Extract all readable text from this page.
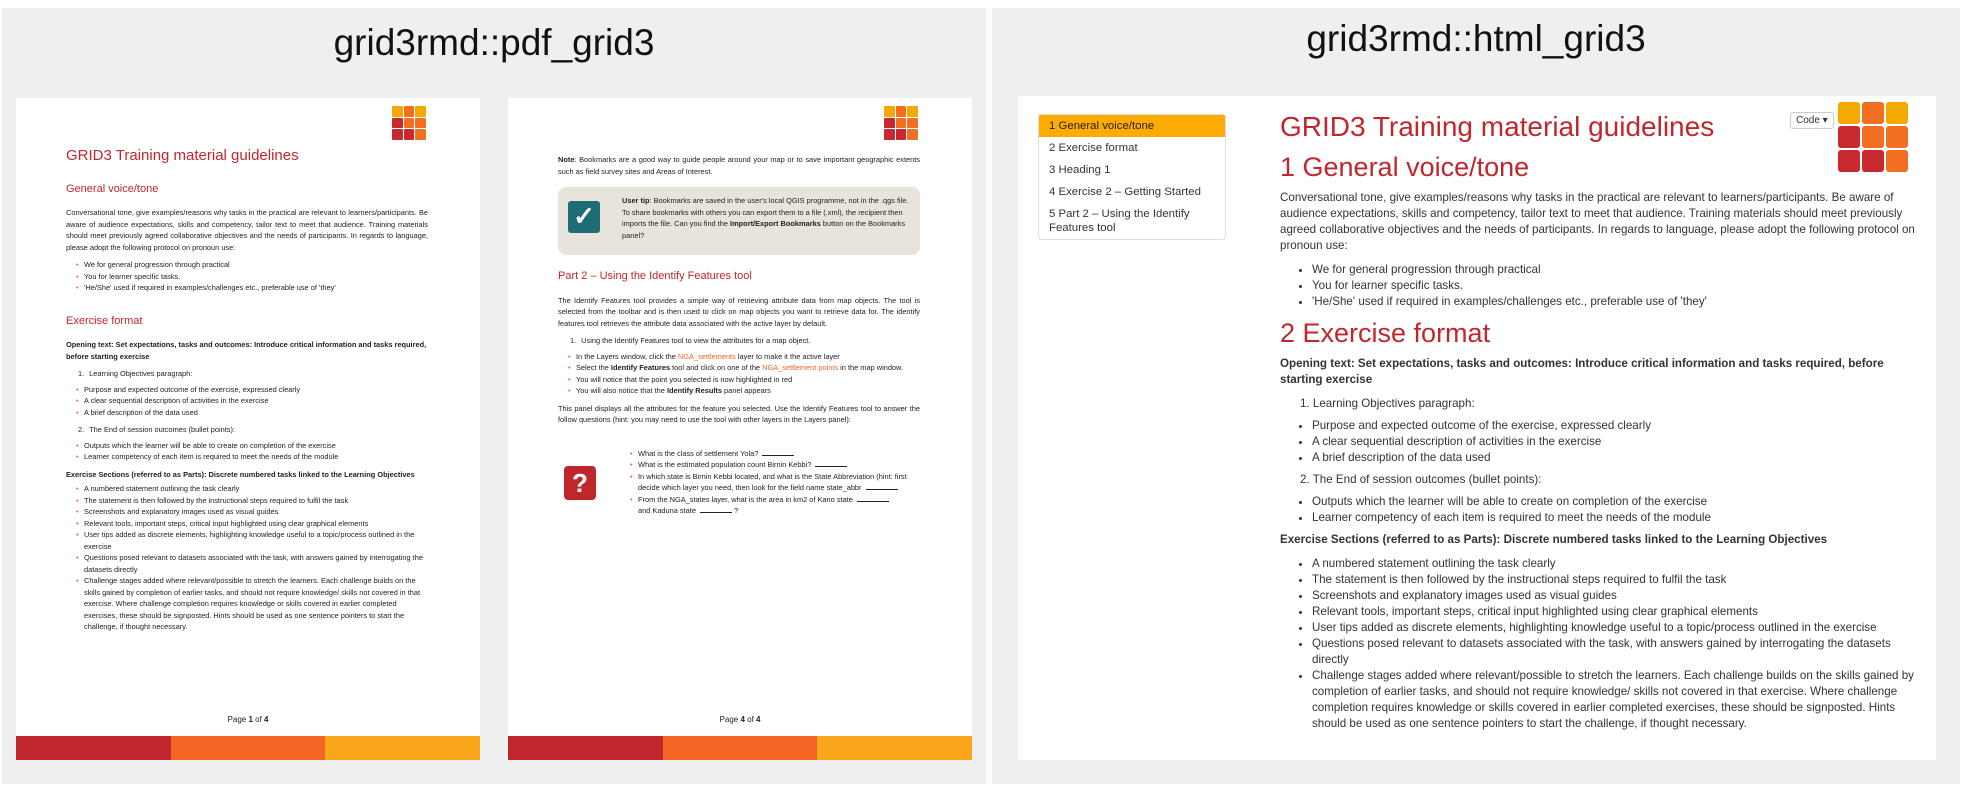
grid3rmd::pdf_grid3
GRID3 Training material guidelines
General voice/tone

Conversational tone, give examples/reasons why tasks in the practical are relevant to learners/participants. Be aware of audience expectations, skills and competency, tailor text to meet that audience. Training materials should meet previously agreed collaborative objectives and the needs of participants. In regards to language, please adopt the following protocol on pronoun use:

• We for general progression through practical
• You for learner specific tasks.
• 'He/She' used if required in examples/challenges etc., preferable use of 'they'
Exercise format

Opening text: Set expectations, tasks and outcomes: Introduce critical information and tasks required, before starting exercise

1. Learning Objectives paragraph:
• Purpose and expected outcome of the exercise, expressed clearly
• A clear sequential description of activities in the exercise
• A brief description of the data used
2. The End of session outcomes (bullet points):
• Outputs which the learner will be able to create on completion of the exercise
• Learner competency of each item is required to meet the needs of the module

Exercise Sections (referred to as Parts): Discrete numbered tasks linked to the Learning Objectives

• A numbered statement outlining the task clearly
• The statement is then followed by the instructional steps required to fulfil the task
• Screenshots and explanatory images used as visual guides
• Relevant tools, important steps, critical input highlighted using clear graphical elements
• User tips added as discrete elements, highlighting knowledge useful to a topic/process outlined in the exercise
• Questions posed relevant to datasets associated with the task, with answers gained by interrogating the datasets directly
• Challenge stages added where relevant/possible to stretch the learners. Each challenge builds on the skills gained by completion of earlier tasks, and should not require knowledge/ skills not covered in that exercise. Where challenge completion requires knowledge or skills covered in earlier completed exercises, these should be signposted. Hints should be used as one sentence pointers to start the challenge, if thought necessary.
Page 1 of 4

Note: Bookmarks are a good way to guide people around your map or to save important geographic extents such as field survey sites and Areas of Interest.

✓
User tip: Bookmarks are saved in the user's local QGIS programme, not in the .qgs file. To share bookmarks with others you can export them to a file (.xml), the recipient then imports the file. Can you find the Import/Export Bookmarks button on the Bookmarks panel?
Part 2 – Using the Identify Features tool

The Identify Features tool provides a simple way of retrieving attribute data from map objects. The tool is selected from the toolbar and is then used to click on map objects you want to retrieve data for. The identify features tool retrieves the attribute data associated with the active layer by default.

1. Using the Identify Features tool to view the attributes for a map object.
• In the Layers window, click the NGA_settlements layer to make it the active layer
• Select the Identify Features tool and click on one of the NGA_settlement points in the map window.
• You will notice that the point you selected is now highlighted in red
• You will also notice that the Identify Results panel appears

This panel displays all the attributes for the feature you selected. Use the Identify Features tool to answer the follow questions (hint: you may need to use the tool with other layers in the Layers panel):

?
• What is the class of settlement Yola?
• What is the estimated population count Birnin Kebbi?
• In which state is Birnin Kebbi located, and what is the State Abbreviation (hint: first decide which layer you need, then look for the field name state_abbr
• From the NGA_states layer, what is the area in km2 of Kano state
and Kaduna state	?
Page 4 of 4
grid3rmd::html_grid3
1 General voice/tone
2 Exercise format
3 Heading 1
4 Exercise 2 – Getting Started
5 Part 2 – Using the Identify Features tool
Code ▾
GRID3 Training material guidelines
1 General voice/tone

Conversational tone, give examples/reasons why tasks in the practical are relevant to learners/participants. Be aware of audience expectations, skills and competency, tailor text to meet that audience. Training materials should meet previously agreed collaborative objectives and the needs of participants. In regards to language, please adopt the following protocol on pronoun use:

• We for general progression through practical
• You for learner specific tasks.
• 'He/She' used if required in examples/challenges etc., preferable use of 'they'
2 Exercise format

Opening text: Set expectations, tasks and outcomes: Introduce critical information and tasks required, before starting exercise

1. Learning Objectives paragraph:
• Purpose and expected outcome of the exercise, expressed clearly
• A clear sequential description of activities in the exercise
• A brief description of the data used
2. The End of session outcomes (bullet points):
• Outputs which the learner will be able to create on completion of the exercise
• Learner competency of each item is required to meet the needs of the module

Exercise Sections (referred to as Parts): Discrete numbered tasks linked to the Learning Objectives

• A numbered statement outlining the task clearly
• The statement is then followed by the instructional steps required to fulfil the task
• Screenshots and explanatory images used as visual guides
• Relevant tools, important steps, critical input highlighted using clear graphical elements
• User tips added as discrete elements, highlighting knowledge useful to a topic/process outlined in the exercise
• Questions posed relevant to datasets associated with the task, with answers gained by interrogating the datasets directly
• Challenge stages added where relevant/possible to stretch the learners. Each challenge builds on the skills gained by completion of earlier tasks, and should not require knowledge/ skills not covered in that exercise. Where challenge completion requires knowledge or skills covered in earlier completed exercises, these should be signposted. Hints should be used as one sentence pointers to start the challenge, if thought necessary.
